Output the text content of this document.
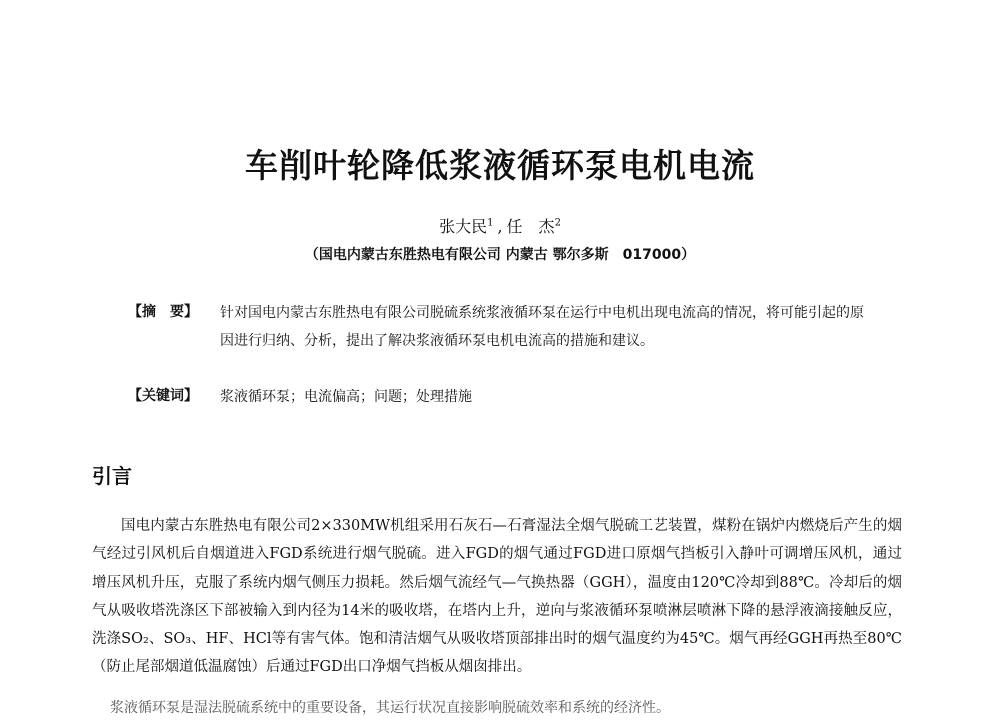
车削叶轮降低浆液循环泵电机电流
张大民$^1$ , 任　杰$^2$
（国电内蒙古东胜热电有限公司 内蒙古 鄂尔多斯　017000）
【摘　要】 针对国电内蒙古东胜热电有限公司脱硫系统浆液循环泵在运行中电机出现电流高的情况，将可能引起的原因进行归纳、分析，提出了解决浆液循环泵电机电流高的措施和建议。

【关键词】 浆液循环泵；电流偏高；问题；处理措施

引言

国电内蒙古东胜热电有限公司2×330MW机组采用石灰石—石膏湿法全烟气脱硫工艺装置，煤粉在锅炉内燃烧后产生的烟气经过引风机后自烟道进入FGD系统进行烟气脱硫。进入FGD的烟气通过FGD进口原烟气挡板引入静叶可调增压风机，通过增压风机升压，克服了系统内烟气侧压力损耗。然后烟气流经气—气换热器（GGH），温度由120℃冷却到88℃。冷却后的烟气从吸收塔洗涤区下部被输入到内径为14米的吸收塔，在塔内上升，逆向与浆液循环泵喷淋层喷淋下降的悬浮液滴接触反应，洗涤SO₂、SO₃、HF、HCl等有害气体。饱和清洁烟气从吸收塔顶部排出时的烟气温度约为45℃。烟气再经GGH再热至80℃（防止尾部烟道低温腐蚀）后通过FGD出口净烟气挡板从烟囱排出。

浆液循环泵是湿法脱硫系统中的重要设备，其运行状况直接影响脱硫效率和系统的经济性。
